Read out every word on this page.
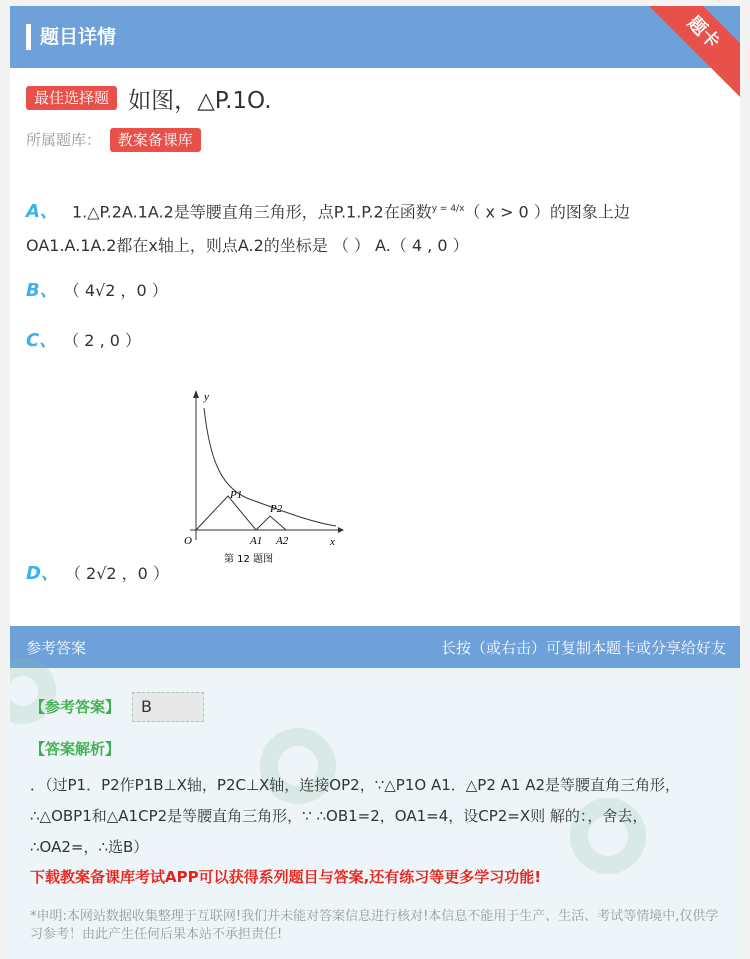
题目详情	题卡
最佳选择题 如图，△P.1O.
所属题库： 教案备课库
A、 1.△P.2A.1A.2是等腰直角三角形，点P.1.P.2在函数y = 4/x（ x > 0 ）的图象上边
OA1.A.1A.2都在x轴上，则点A.2的坐标是 （ ） A.（ 4 , 0 ）
B、 （ 4√2 ，0 ）
C、 （ 2 , 0 ）
y
x
O
P1
P2
A1 A2
第 12 题图
D、 （ 2√2 ，0 ）
参考答案	长按（或右击）可复制本题卡或分享给好友
【参考答案】	B
【答案解析】
．（过P1．P2作P1B⊥X轴，P2C⊥X轴，连接OP2，∵△P1O A1．△P2 A1 A2是等腰直角三角形，∴△OBP1和△A1CP2是等腰直角三角形，∵ ∴OB1=2，OA1=4，设CP2=X则 解的：，舍去，∴OA2=，∴选B）
下载教案备课库考试APP可以获得系列题目与答案,还有练习等更多学习功能!
*申明:本网站数据收集整理于互联网!我们并未能对答案信息进行核对!本信息不能用于生产、生活、考试等情境中,仅供学习参考！由此产生任何后果本站不承担责任!
